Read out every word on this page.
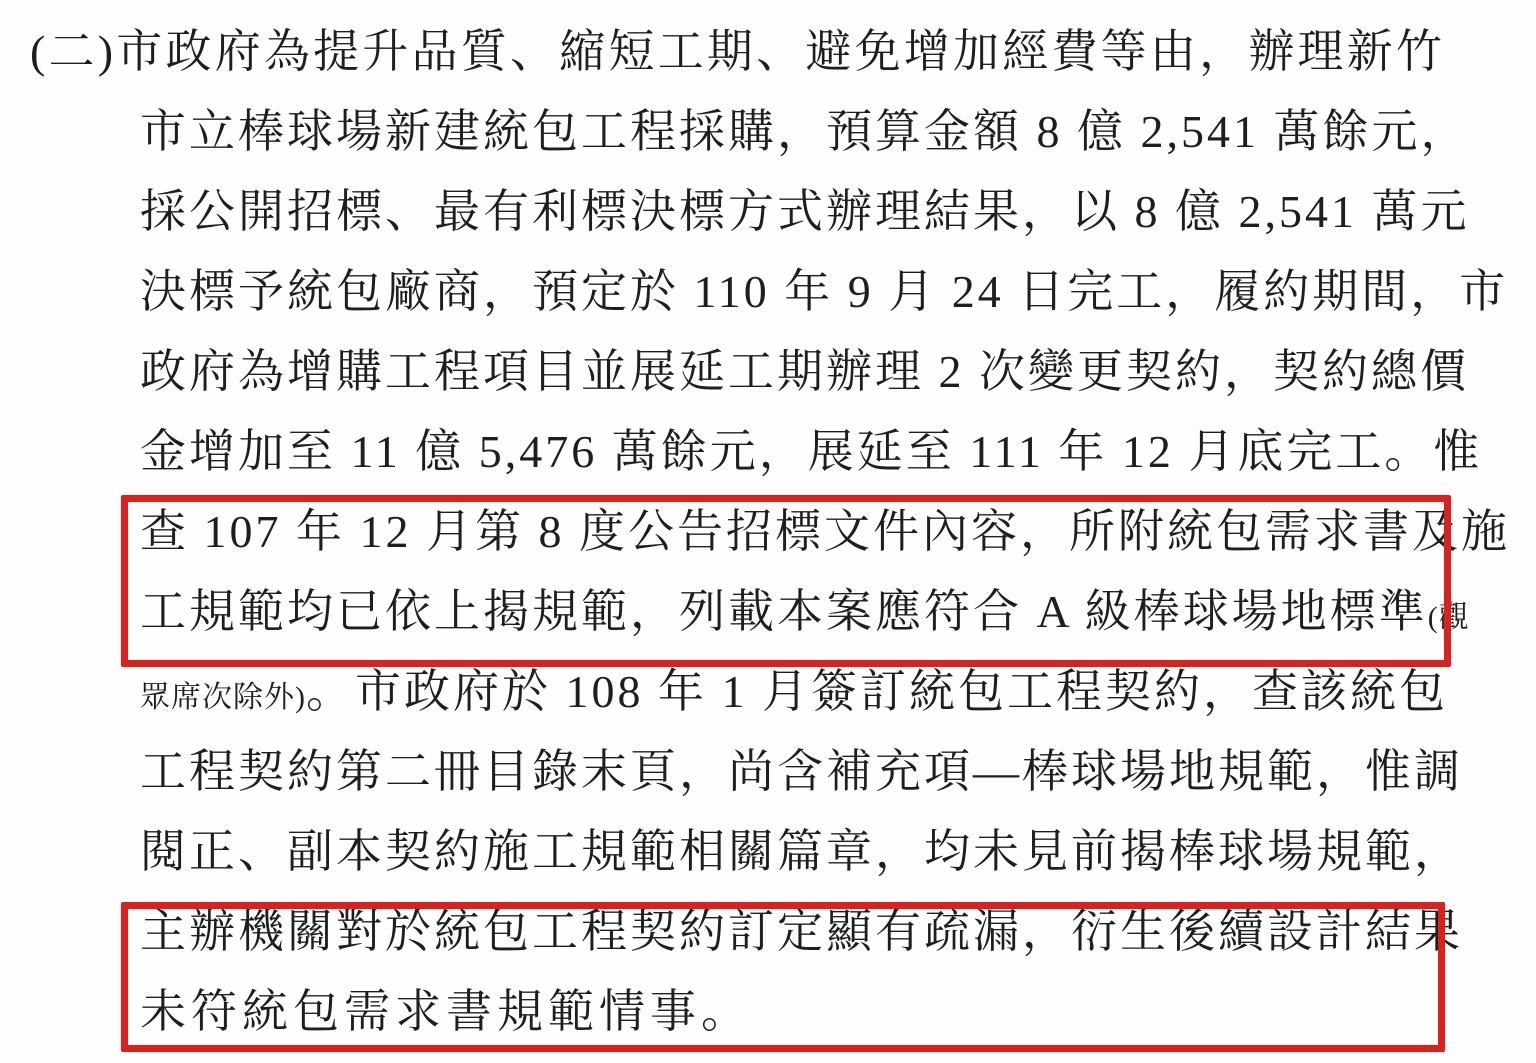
(二)市政府為提升品質、縮短工期、避免增加經費等由，辦理新竹
市立棒球場新建統包工程採購，預算金額 8 億 2,541 萬餘元，
採公開招標、最有利標決標方式辦理結果，以 8 億 2,541 萬元
決標予統包廠商，預定於 110 年 9 月 24 日完工，履約期間，市
政府為增購工程項目並展延工期辦理 2 次變更契約，契約總價
金增加至 11 億 5,476 萬餘元，展延至 111 年 12 月底完工。惟
查 107 年 12 月第 8 度公告招標文件內容，所附統包需求書及施
工規範均已依上揭規範，列載本案應符合 A 級棒球場地標準(觀
眾席次除外)。市政府於 108 年 1 月簽訂統包工程契約，查該統包
工程契約第二冊目錄末頁，尚含補充項—棒球場地規範，惟調
閱正、副本契約施工規範相關篇章，均未見前揭棒球場規範，
主辦機關對於統包工程契約訂定顯有疏漏，衍生後續設計結果
未符統包需求書規範情事。
